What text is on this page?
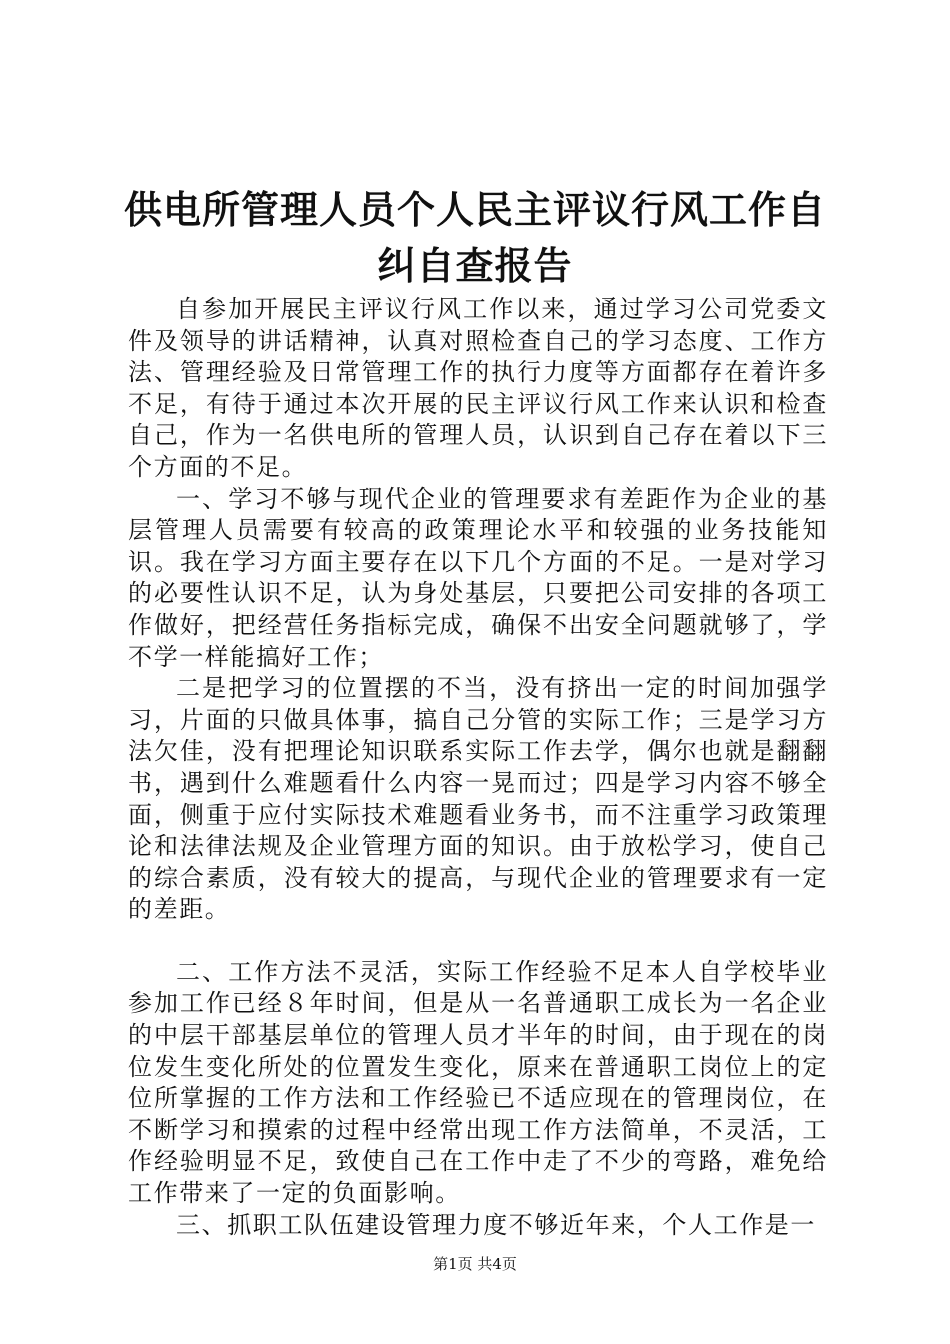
供电所管理人员个人民主评议行风工作自纠自查报告

自参加开展民主评议行风工作以来，通过学习公司党委文件及领导的讲话精神，认真对照检查自己的学习态度、工作方法、管理经验及日常管理工作的执行力度等方面都存在着许多不足，有待于通过本次开展的民主评议行风工作来认识和检查自己，作为一名供电所的管理人员，认识到自己存在着以下三个方面的不足。

一、学习不够与现代企业的管理要求有差距作为企业的基层管理人员需要有较高的政策理论水平和较强的业务技能知识。我在学习方面主要存在以下几个方面的不足。一是对学习的必要性认识不足，认为身处基层，只要把公司安排的各项工作做好，把经营任务指标完成，确保不出安全问题就够了，学不学一样能搞好工作；

二是把学习的位置摆的不当，没有挤出一定的时间加强学习，片面的只做具体事，搞自己分管的实际工作；三是学习方法欠佳，没有把理论知识联系实际工作去学，偶尔也就是翻翻书，遇到什么难题看什么内容一晃而过；四是学习内容不够全面，侧重于应付实际技术难题看业务书，而不注重学习政策理论和法律法规及企业管理方面的知识。由于放松学习，使自己的综合素质，没有较大的提高，与现代企业的管理要求有一定的差距。

二、工作方法不灵活，实际工作经验不足本人自学校毕业参加工作已经８年时间，但是从一名普通职工成长为一名企业的中层干部基层单位的管理人员才半年的时间，由于现在的岗位发生变化所处的位置发生变化，原来在普通职工岗位上的定位所掌握的工作方法和工作经验已不适应现在的管理岗位，在不断学习和摸索的过程中经常出现工作方法简单，不灵活，工作经验明显不足，致使自己在工作中走了不少的弯路，难免给工作带来了一定的负面影响。

三、抓职工队伍建设管理力度不够近年来，个人工作是一

第1页 共4页
